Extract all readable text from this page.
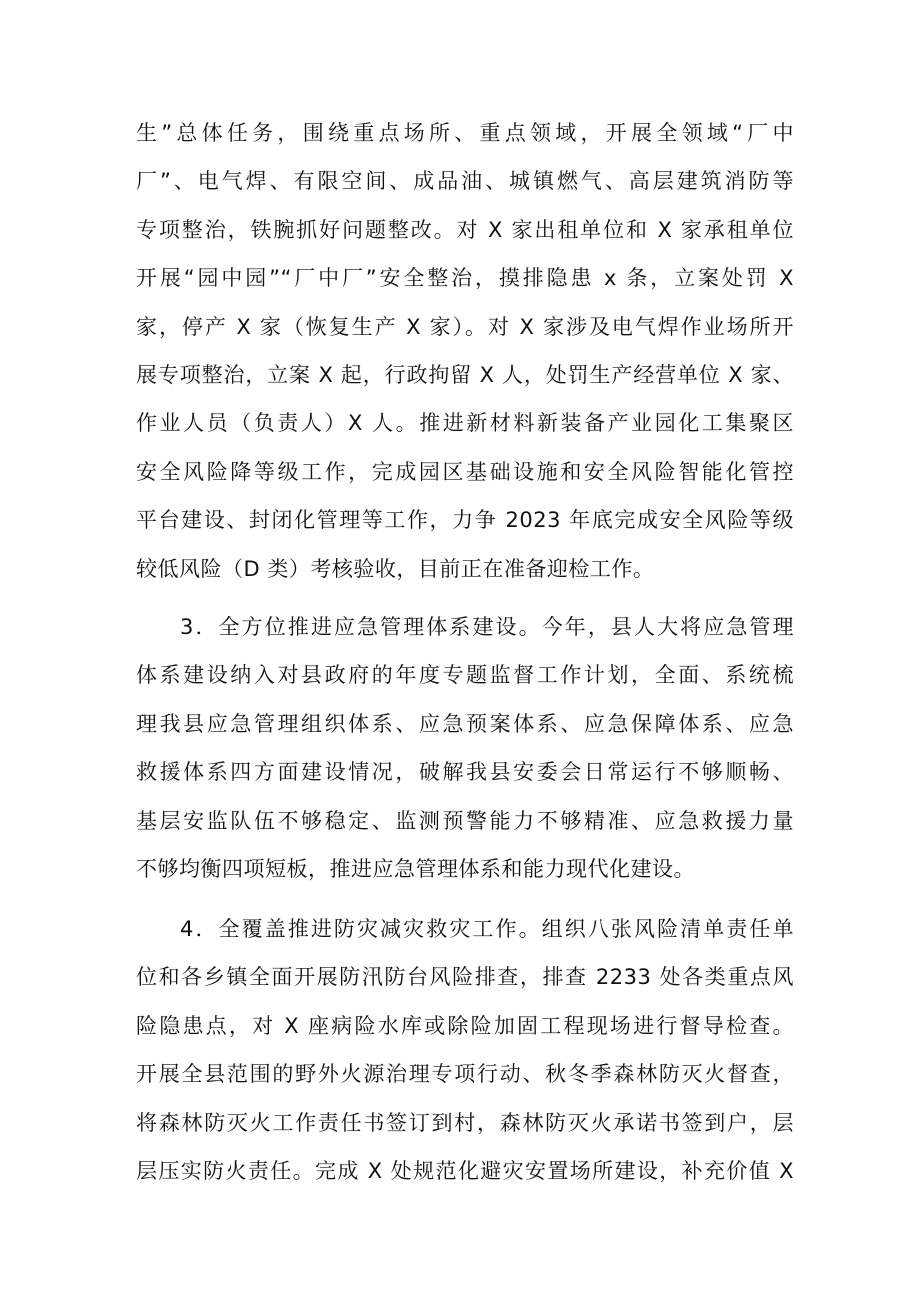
生”总体任务，围绕重点场所、重点领域，开展全领域“厂中
厂”、电气焊、有限空间、成品油、城镇燃气、高层建筑消防等
专项整治，铁腕抓好问题整改。对 X 家出租单位和 X 家承租单位
开展“园中园”“厂中厂”安全整治，摸排隐患 x 条，立案处罚 X
家，停产 X 家（恢复生产 X 家）。对 X 家涉及电气焊作业场所开
展专项整治，立案 X 起，行政拘留 X 人，处罚生产经营单位 X 家、
作业人员（负责人）X 人。推进新材料新装备产业园化工集聚区
安全风险降等级工作，完成园区基础设施和安全风险智能化管控
平台建设、封闭化管理等工作，力争 2023 年底完成安全风险等级
较低风险（D 类）考核验收，目前正在准备迎检工作。
3．全方位推进应急管理体系建设。今年，县人大将应急管理
体系建设纳入对县政府的年度专题监督工作计划，全面、系统梳
理我县应急管理组织体系、应急预案体系、应急保障体系、应急
救援体系四方面建设情况，破解我县安委会日常运行不够顺畅、
基层安监队伍不够稳定、监测预警能力不够精准、应急救援力量
不够均衡四项短板，推进应急管理体系和能力现代化建设。
4．全覆盖推进防灾减灾救灾工作。组织八张风险清单责任单
位和各乡镇全面开展防汛防台风险排查，排查 2233 处各类重点风
险隐患点，对 X 座病险水库或除险加固工程现场进行督导检查。
开展全县范围的野外火源治理专项行动、秋冬季森林防灭火督查，
将森林防灭火工作责任书签订到村，森林防灭火承诺书签到户，层
层压实防火责任。完成 X 处规范化避灾安置场所建设，补充价值 X
